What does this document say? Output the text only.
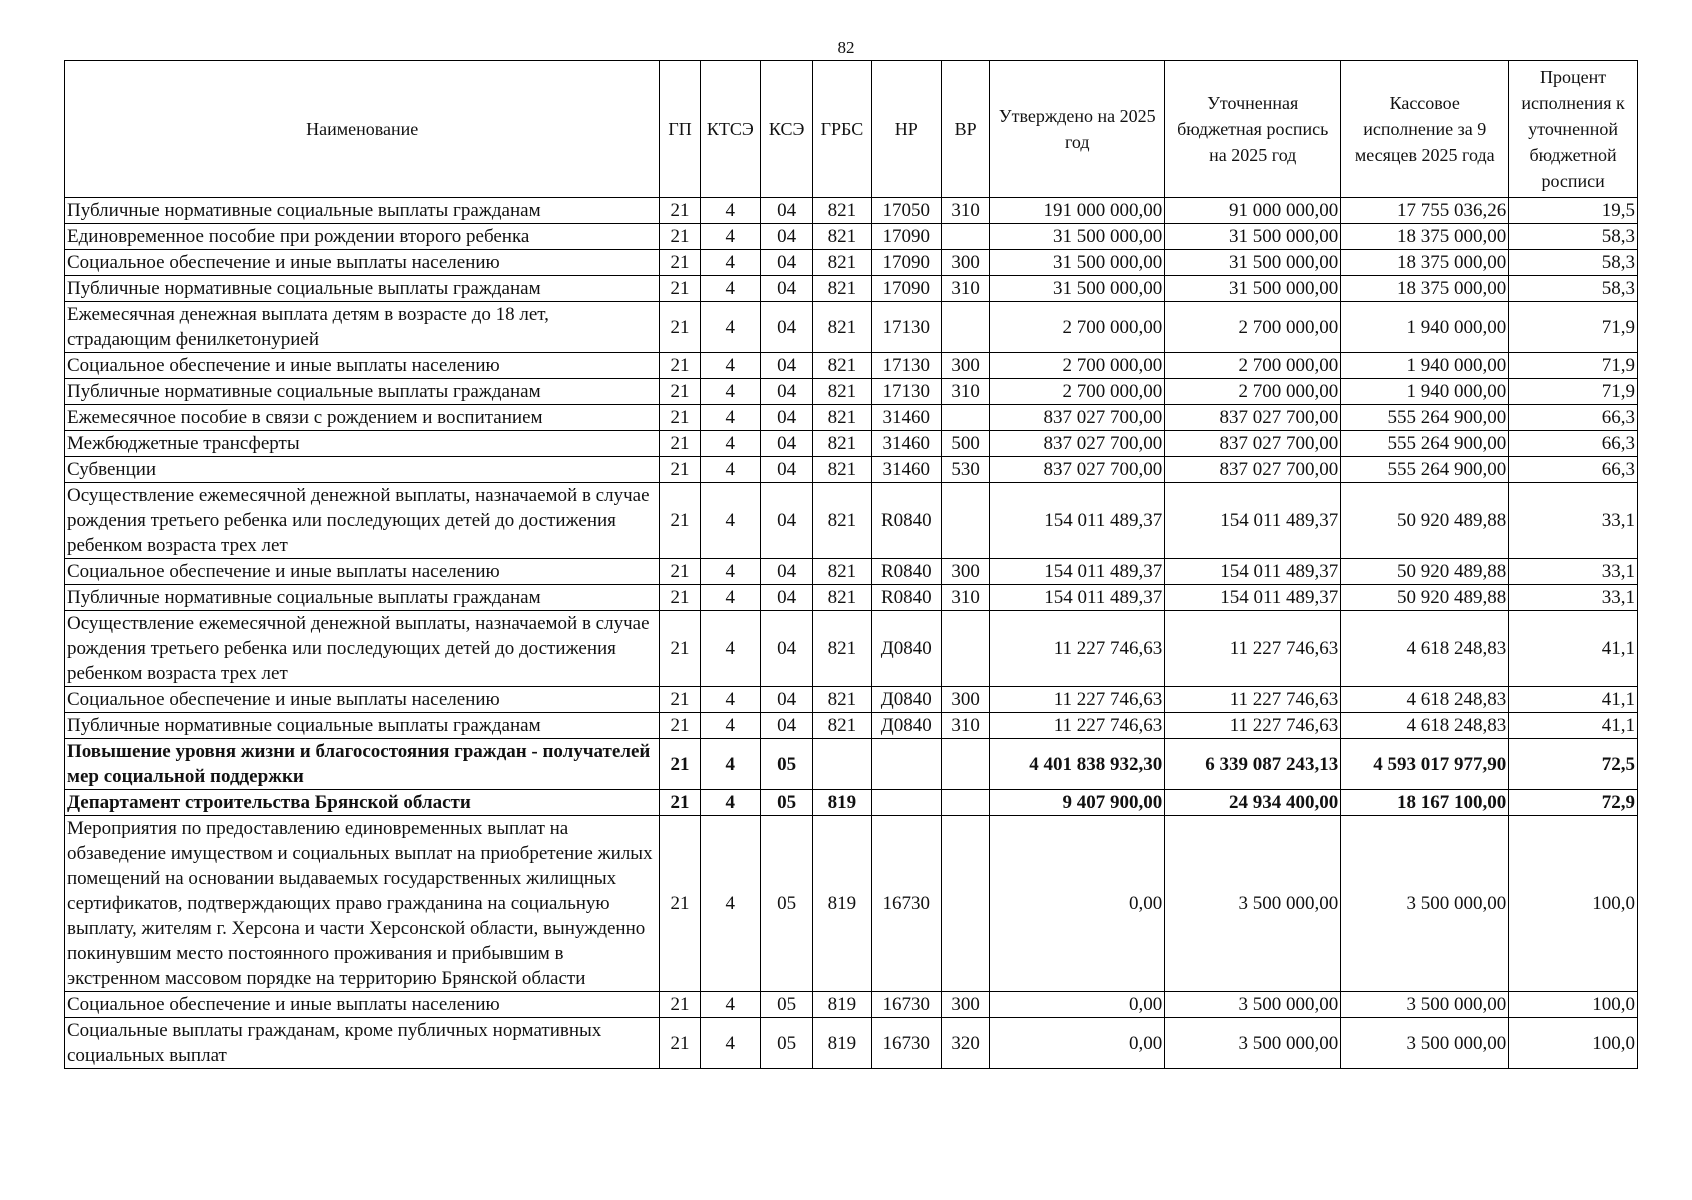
82
Наименование	ГП	КТСЭ	КСЭ	ГРБС	НР	ВР	Утверждено на 2025 год	Уточненная бюджетная роспись на 2025 год	Кассовое исполнение за 9 месяцев 2025 года	Процент исполнения к уточненной бюджетной росписи
Публичные нормативные социальные выплаты гражданам	21	4	04	821	17050	310	191 000 000,00	91 000 000,00	17 755 036,26	19,5
Единовременное пособие при рождении второго ребенка	21	4	04	821	17090		31 500 000,00	31 500 000,00	18 375 000,00	58,3
Социальное обеспечение и иные выплаты населению	21	4	04	821	17090	300	31 500 000,00	31 500 000,00	18 375 000,00	58,3
Публичные нормативные социальные выплаты гражданам	21	4	04	821	17090	310	31 500 000,00	31 500 000,00	18 375 000,00	58,3
Ежемесячная денежная выплата детям в возрасте до 18 лет, страдающим фенилкетонурией	21	4	04	821	17130		2 700 000,00	2 700 000,00	1 940 000,00	71,9
Социальное обеспечение и иные выплаты населению	21	4	04	821	17130	300	2 700 000,00	2 700 000,00	1 940 000,00	71,9
Публичные нормативные социальные выплаты гражданам	21	4	04	821	17130	310	2 700 000,00	2 700 000,00	1 940 000,00	71,9
Ежемесячное пособие в связи с рождением и воспитанием	21	4	04	821	31460		837 027 700,00	837 027 700,00	555 264 900,00	66,3
Межбюджетные трансферты	21	4	04	821	31460	500	837 027 700,00	837 027 700,00	555 264 900,00	66,3
Субвенции	21	4	04	821	31460	530	837 027 700,00	837 027 700,00	555 264 900,00	66,3
Осуществление ежемесячной денежной выплаты, назначаемой в случае рождения третьего ребенка или последующих детей до достижения ребенком возраста трех лет	21	4	04	821	R0840		154 011 489,37	154 011 489,37	50 920 489,88	33,1
Социальное обеспечение и иные выплаты населению	21	4	04	821	R0840	300	154 011 489,37	154 011 489,37	50 920 489,88	33,1
Публичные нормативные социальные выплаты гражданам	21	4	04	821	R0840	310	154 011 489,37	154 011 489,37	50 920 489,88	33,1
Осуществление ежемесячной денежной выплаты, назначаемой в случае рождения третьего ребенка или последующих детей до достижения ребенком возраста трех лет	21	4	04	821	Д0840		11 227 746,63	11 227 746,63	4 618 248,83	41,1
Социальное обеспечение и иные выплаты населению	21	4	04	821	Д0840	300	11 227 746,63	11 227 746,63	4 618 248,83	41,1
Публичные нормативные социальные выплаты гражданам	21	4	04	821	Д0840	310	11 227 746,63	11 227 746,63	4 618 248,83	41,1
Повышение уровня жизни и благосостояния граждан - получателей мер социальной поддержки	21	4	05				4 401 838 932,30	6 339 087 243,13	4 593 017 977,90	72,5
Департамент строительства Брянской области	21	4	05	819			9 407 900,00	24 934 400,00	18 167 100,00	72,9
Мероприятия по предоставлению единовременных выплат на обзаведение имуществом и социальных выплат на приобретение жилых помещений на основании выдаваемых государственных жилищных сертификатов, подтверждающих право гражданина на социальную выплату, жителям г. Херсона и части Херсонской области, вынужденно покинувшим место постоянного проживания и прибывшим в экстренном массовом порядке на территорию Брянской области	21	4	05	819	16730		0,00	3 500 000,00	3 500 000,00	100,0
Социальное обеспечение и иные выплаты населению	21	4	05	819	16730	300	0,00	3 500 000,00	3 500 000,00	100,0
Социальные выплаты гражданам, кроме публичных нормативных социальных выплат	21	4	05	819	16730	320	0,00	3 500 000,00	3 500 000,00	100,0
